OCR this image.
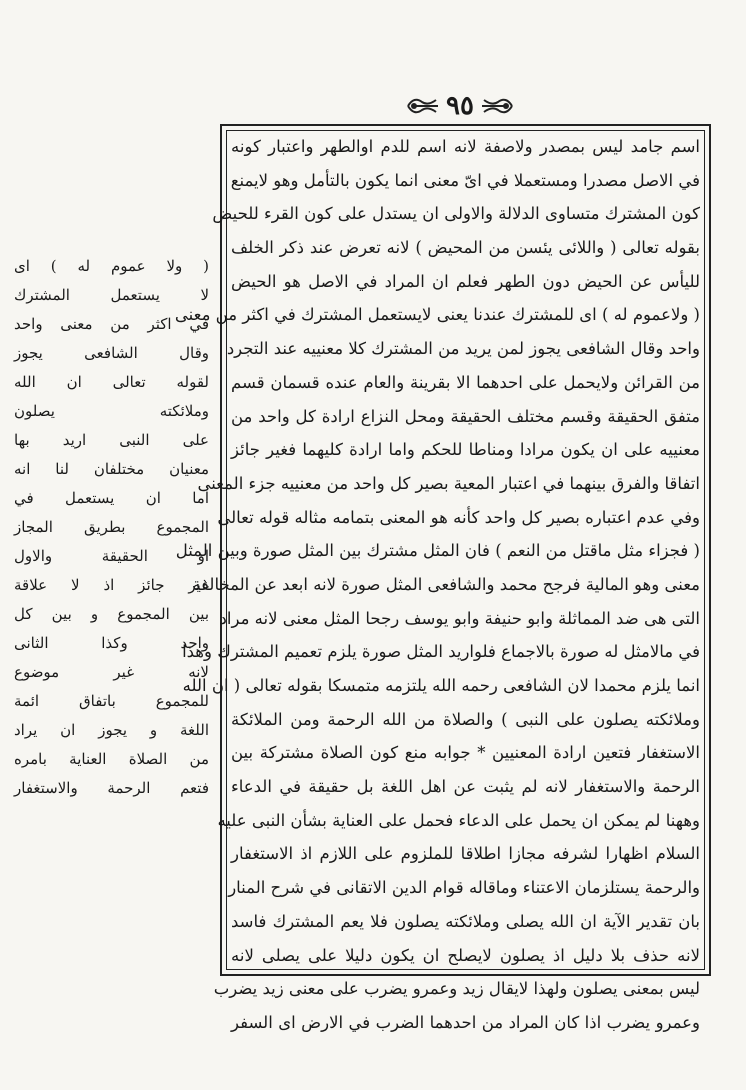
٩٥
( ولا عموم له ) اى
لا يستعمل المشترك
في اكثر من معنى واحد
وقال الشافعى يجوز
لقوله تعالى ان الله
وملائكته يصلون
على النبى اريد بها
معنيان مختلفان لنا انه
اما ان يستعمل في
المجموع بطريق المجاز
او الحقيقة والاول
غير جائز اذ لا علاقة
بين المجموع و بين كل
واحد وكذا الثانى
لانه غير موضوع
للمجموع باتفاق ائمة
اللغة و يجوز ان يراد
من الصلاة العناية بامره
فتعم الرحمة والاستغفار
اسم جامد ليس بمصدر ولاصفة لانه اسم للدم اوالطهر واعتبار كونه
في الاصل مصدرا ومستعملا في اىّ معنى انما يكون بالتأمل وهو لايمنع
كون المشترك متساوى الدلالة والاولى ان يستدل على كون القرء للحيض
بقوله تعالى ( واللائى يئسن من المحيض ) لانه تعرض عند ذكر الخلف
لليأس عن الحيض دون الطهر فعلم ان المراد في الاصل هو الحيض
( ولاعموم له ) اى للمشترك عندنا يعنى لايستعمل المشترك في اكثر من معنى
واحد وقال الشافعى يجوز لمن يريد من المشترك كلا معنييه عند التجرد
من القرائن ولايحمل على احدهما الا بقرينة والعام عنده قسمان قسم
متفق الحقيقة وقسم مختلف الحقيقة ومحل النزاع ارادة كل واحد من
معنييه على ان يكون مرادا ومناطا للحكم واما ارادة كليهما فغير جائز
اتفاقا والفرق بينهما في اعتبار المعية بصير كل واحد من معنييه جزء المعنى
وفي عدم اعتباره بصير كل واحد كأنه هو المعنى بتمامه مثاله قوله تعالى
( فجزاء مثل ماقتل من النعم ) فان المثل مشترك بين المثل صورة وبين المثل
معنى وهو المالية فرجح محمد والشافعى المثل صورة لانه ابعد عن المخالفة
التى هى ضد المماثلة وابو حنيفة وابو يوسف رجحا المثل معنى لانه مراد
في مالامثل له صورة بالاجماع فلواريد المثل صورة يلزم تعميم المشترك وهذا
انما يلزم محمدا لان الشافعى رحمه الله يلتزمه متمسكا بقوله تعالى ( ان الله
وملائكته يصلون على النبى ) والصلاة من الله الرحمة ومن الملائكة
الاستغفار فتعين ارادة المعنيين * جوابه منع كون الصلاة مشتركة بين
الرحمة والاستغفار لانه لم يثبت عن اهل اللغة بل حقيقة في الدعاء
وههنا لم يمكن ان يحمل على الدعاء فحمل على العناية بشأن النبى عليه
السلام اظهارا لشرفه مجازا اطلاقا للملزوم على اللازم اذ الاستغفار
والرحمة يستلزمان الاعتناء وماقاله قوام الدين الاتقانى في شرح المنار
بان تقدير الآية ان الله يصلى وملائكته يصلون فلا يعم المشترك فاسد
لانه حذف بلا دليل اذ يصلون لايصلح ان يكون دليلا على يصلى لانه
ليس بمعنى يصلون ولهذا لايقال زيد وعمرو يضرب على معنى زيد يضرب
وعمرو يضرب اذا كان المراد من احدهما الضرب في الارض اى السفر
